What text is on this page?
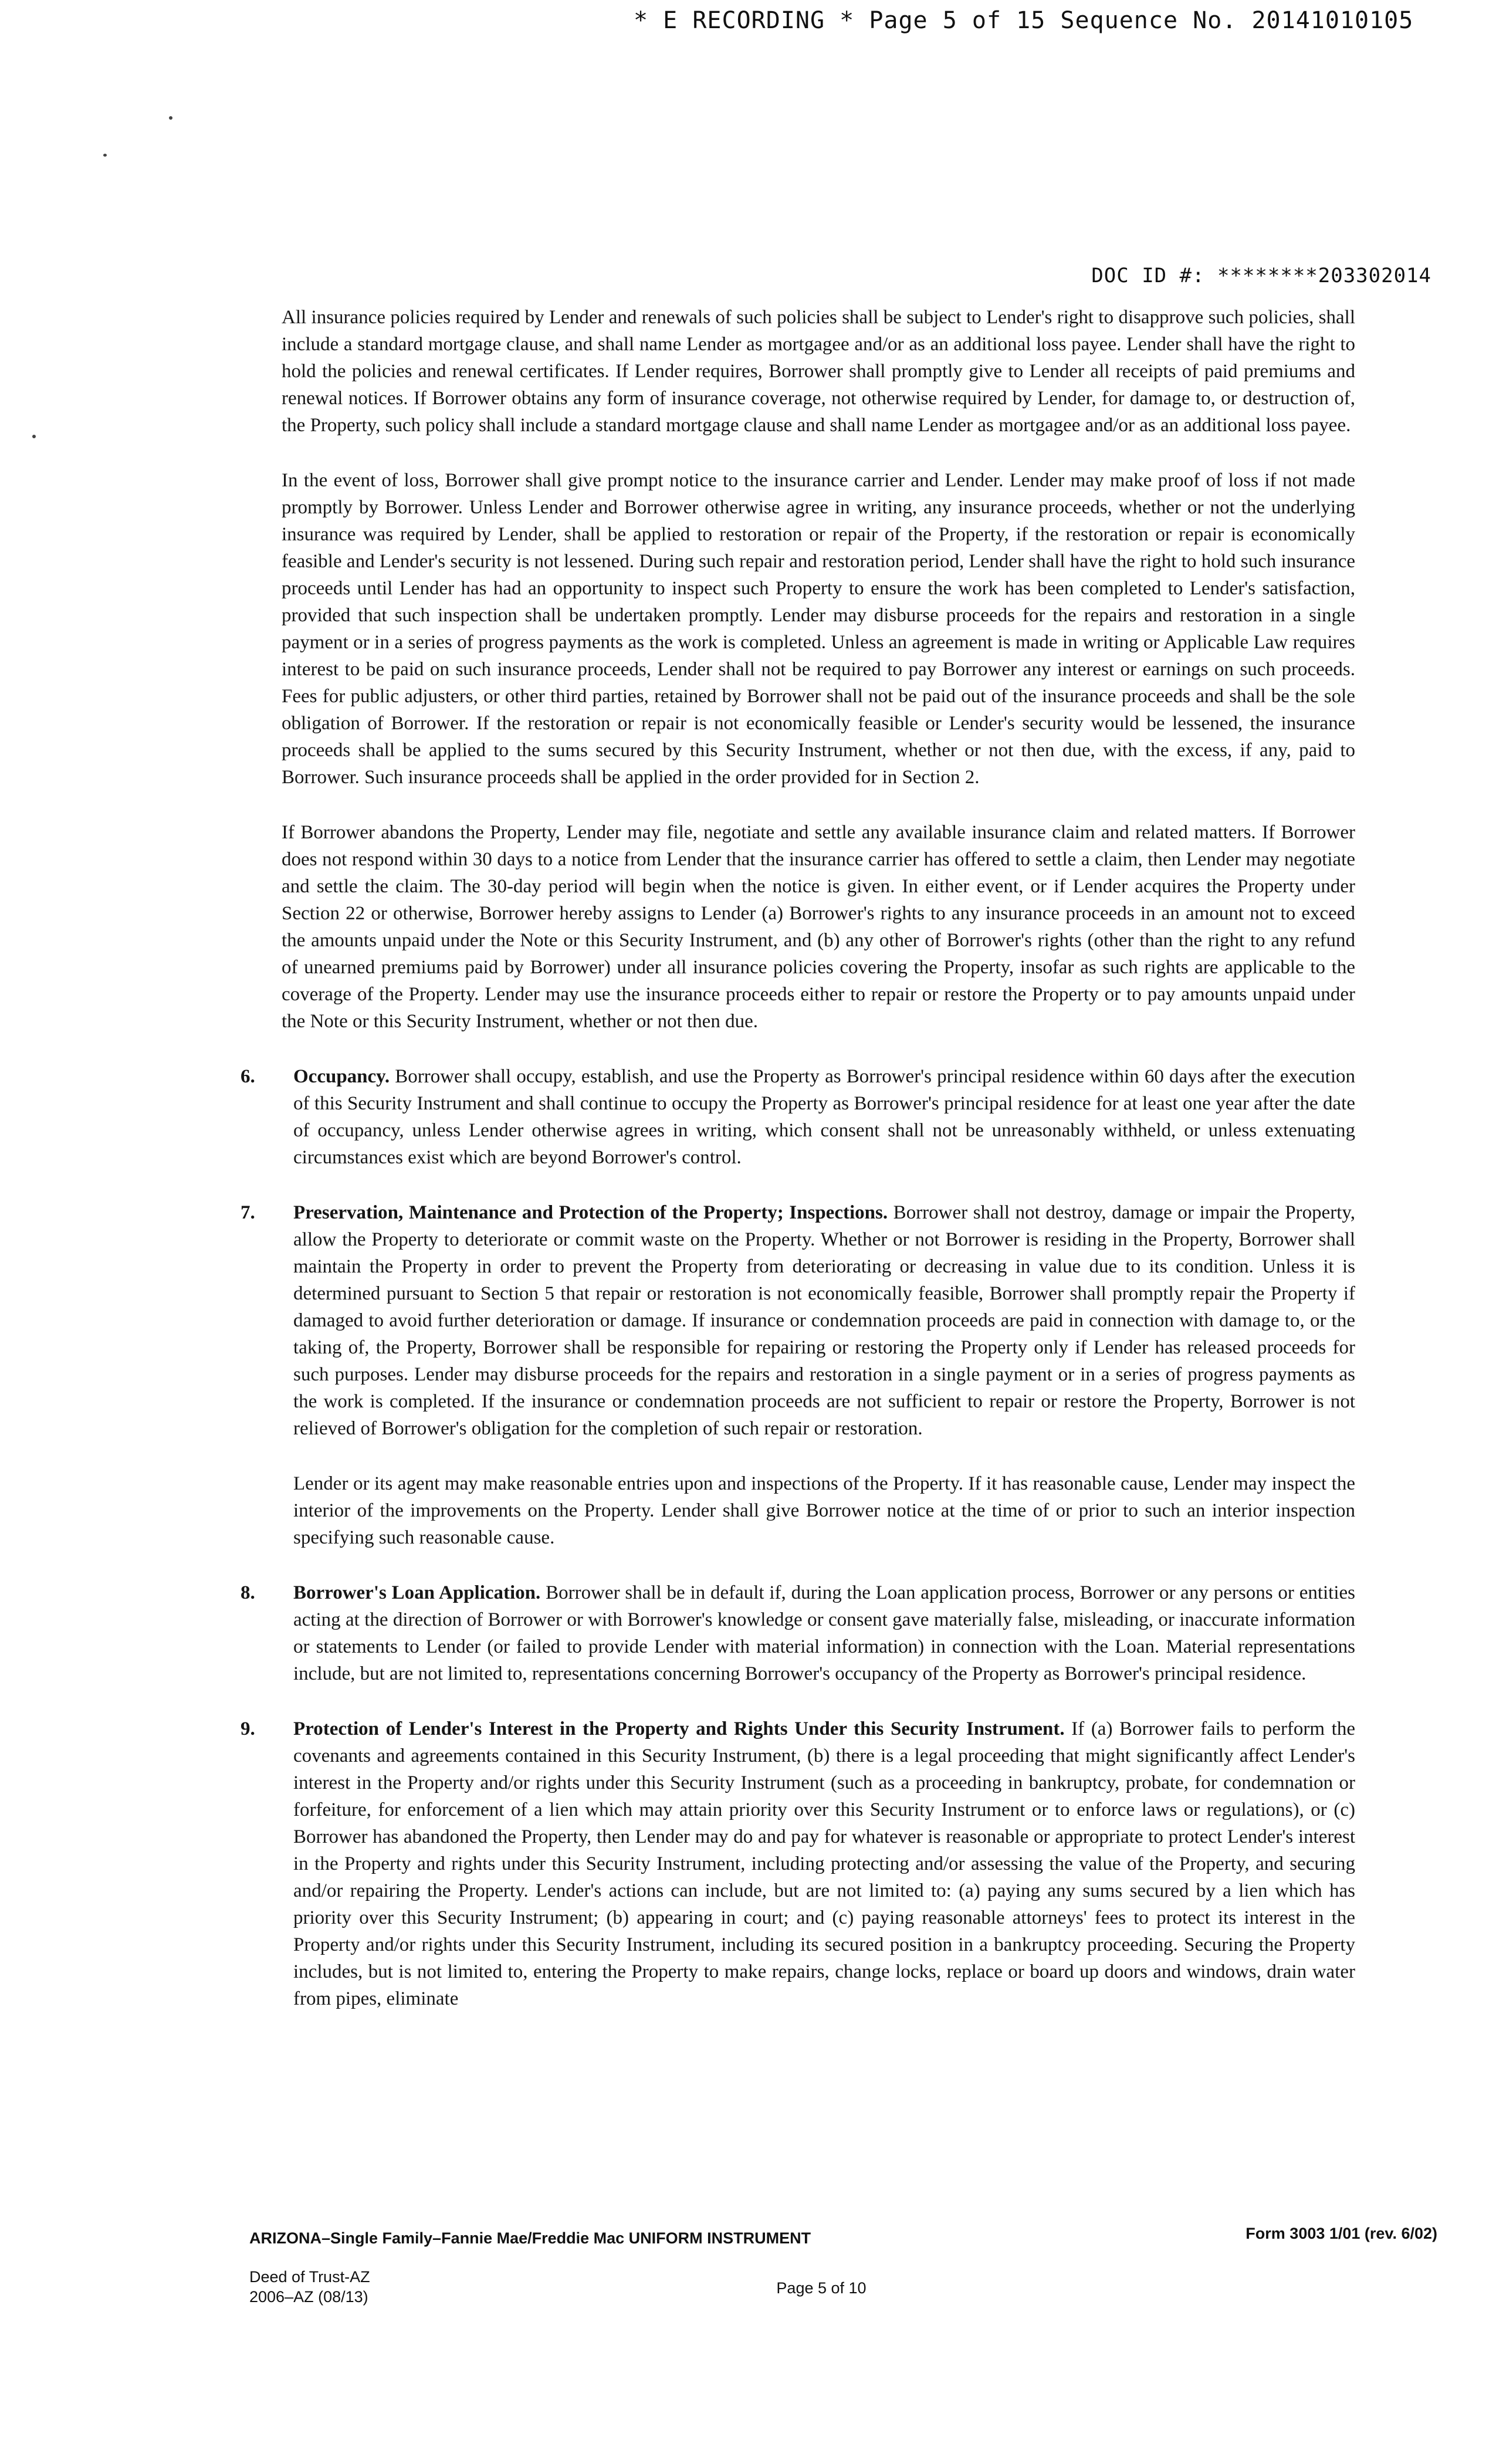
* E RECORDING * Page 5 of 15 Sequence No. 20141010105
DOC ID #: ********203302014

All insurance policies required by Lender and renewals of such policies shall be subject to Lender's right to disapprove such policies, shall include a standard mortgage clause, and shall name Lender as mortgagee and/or as an additional loss payee. Lender shall have the right to hold the policies and renewal certificates. If Lender requires, Borrower shall promptly give to Lender all receipts of paid premiums and renewal notices. If Borrower obtains any form of insurance coverage, not otherwise required by Lender, for damage to, or destruction of, the Property, such policy shall include a standard mortgage clause and shall name Lender as mortgagee and/or as an additional loss payee.

In the event of loss, Borrower shall give prompt notice to the insurance carrier and Lender. Lender may make proof of loss if not made promptly by Borrower. Unless Lender and Borrower otherwise agree in writing, any insurance proceeds, whether or not the underlying insurance was required by Lender, shall be applied to restoration or repair of the Property, if the restoration or repair is economically feasible and Lender's security is not lessened. During such repair and restoration period, Lender shall have the right to hold such insurance proceeds until Lender has had an opportunity to inspect such Property to ensure the work has been completed to Lender's satisfaction, provided that such inspection shall be undertaken promptly. Lender may disburse proceeds for the repairs and restoration in a single payment or in a series of progress payments as the work is completed. Unless an agreement is made in writing or Applicable Law requires interest to be paid on such insurance proceeds, Lender shall not be required to pay Borrower any interest or earnings on such proceeds. Fees for public adjusters, or other third parties, retained by Borrower shall not be paid out of the insurance proceeds and shall be the sole obligation of Borrower. If the restoration or repair is not economically feasible or Lender's security would be lessened, the insurance proceeds shall be applied to the sums secured by this Security Instrument, whether or not then due, with the excess, if any, paid to Borrower. Such insurance proceeds shall be applied in the order provided for in Section 2.

If Borrower abandons the Property, Lender may file, negotiate and settle any available insurance claim and related matters. If Borrower does not respond within 30 days to a notice from Lender that the insurance carrier has offered to settle a claim, then Lender may negotiate and settle the claim. The 30-day period will begin when the notice is given. In either event, or if Lender acquires the Property under Section 22 or otherwise, Borrower hereby assigns to Lender (a) Borrower's rights to any insurance proceeds in an amount not to exceed the amounts unpaid under the Note or this Security Instrument, and (b) any other of Borrower's rights (other than the right to any refund of unearned premiums paid by Borrower) under all insurance policies covering the Property, insofar as such rights are applicable to the coverage of the Property. Lender may use the insurance proceeds either to repair or restore the Property or to pay amounts unpaid under the Note or this Security Instrument, whether or not then due.

6. Occupancy. Borrower shall occupy, establish, and use the Property as Borrower's principal residence within 60 days after the execution of this Security Instrument and shall continue to occupy the Property as Borrower's principal residence for at least one year after the date of occupancy, unless Lender otherwise agrees in writing, which consent shall not be unreasonably withheld, or unless extenuating circumstances exist which are beyond Borrower's control.

7. Preservation, Maintenance and Protection of the Property; Inspections. Borrower shall not destroy, damage or impair the Property, allow the Property to deteriorate or commit waste on the Property. Whether or not Borrower is residing in the Property, Borrower shall maintain the Property in order to prevent the Property from deteriorating or decreasing in value due to its condition. Unless it is determined pursuant to Section 5 that repair or restoration is not economically feasible, Borrower shall promptly repair the Property if damaged to avoid further deterioration or damage. If insurance or condemnation proceeds are paid in connection with damage to, or the taking of, the Property, Borrower shall be responsible for repairing or restoring the Property only if Lender has released proceeds for such purposes. Lender may disburse proceeds for the repairs and restoration in a single payment or in a series of progress payments as the work is completed. If the insurance or condemnation proceeds are not sufficient to repair or restore the Property, Borrower is not relieved of Borrower's obligation for the completion of such repair or restoration.

Lender or its agent may make reasonable entries upon and inspections of the Property. If it has reasonable cause, Lender may inspect the interior of the improvements on the Property. Lender shall give Borrower notice at the time of or prior to such an interior inspection specifying such reasonable cause.

8. Borrower's Loan Application. Borrower shall be in default if, during the Loan application process, Borrower or any persons or entities acting at the direction of Borrower or with Borrower's knowledge or consent gave materially false, misleading, or inaccurate information or statements to Lender (or failed to provide Lender with material information) in connection with the Loan. Material representations include, but are not limited to, representations concerning Borrower's occupancy of the Property as Borrower's principal residence.

9. Protection of Lender's Interest in the Property and Rights Under this Security Instrument. If (a) Borrower fails to perform the covenants and agreements contained in this Security Instrument, (b) there is a legal proceeding that might significantly affect Lender's interest in the Property and/or rights under this Security Instrument (such as a proceeding in bankruptcy, probate, for condemnation or forfeiture, for enforcement of a lien which may attain priority over this Security Instrument or to enforce laws or regulations), or (c) Borrower has abandoned the Property, then Lender may do and pay for whatever is reasonable or appropriate to protect Lender's interest in the Property and rights under this Security Instrument, including protecting and/or assessing the value of the Property, and securing and/or repairing the Property. Lender's actions can include, but are not limited to: (a) paying any sums secured by a lien which has priority over this Security Instrument; (b) appearing in court; and (c) paying reasonable attorneys' fees to protect its interest in the Property and/or rights under this Security Instrument, including its secured position in a bankruptcy proceeding. Securing the Property includes, but is not limited to, entering the Property to make repairs, change locks, replace or board up doors and windows, drain water from pipes, eliminate

ARIZONA–Single Family–Fannie Mae/Freddie Mac UNIFORM INSTRUMENT	Form 3003 1/01 (rev. 6/02)
Deed of Trust-AZ
2006–AZ (08/13)	Page 5 of 10
